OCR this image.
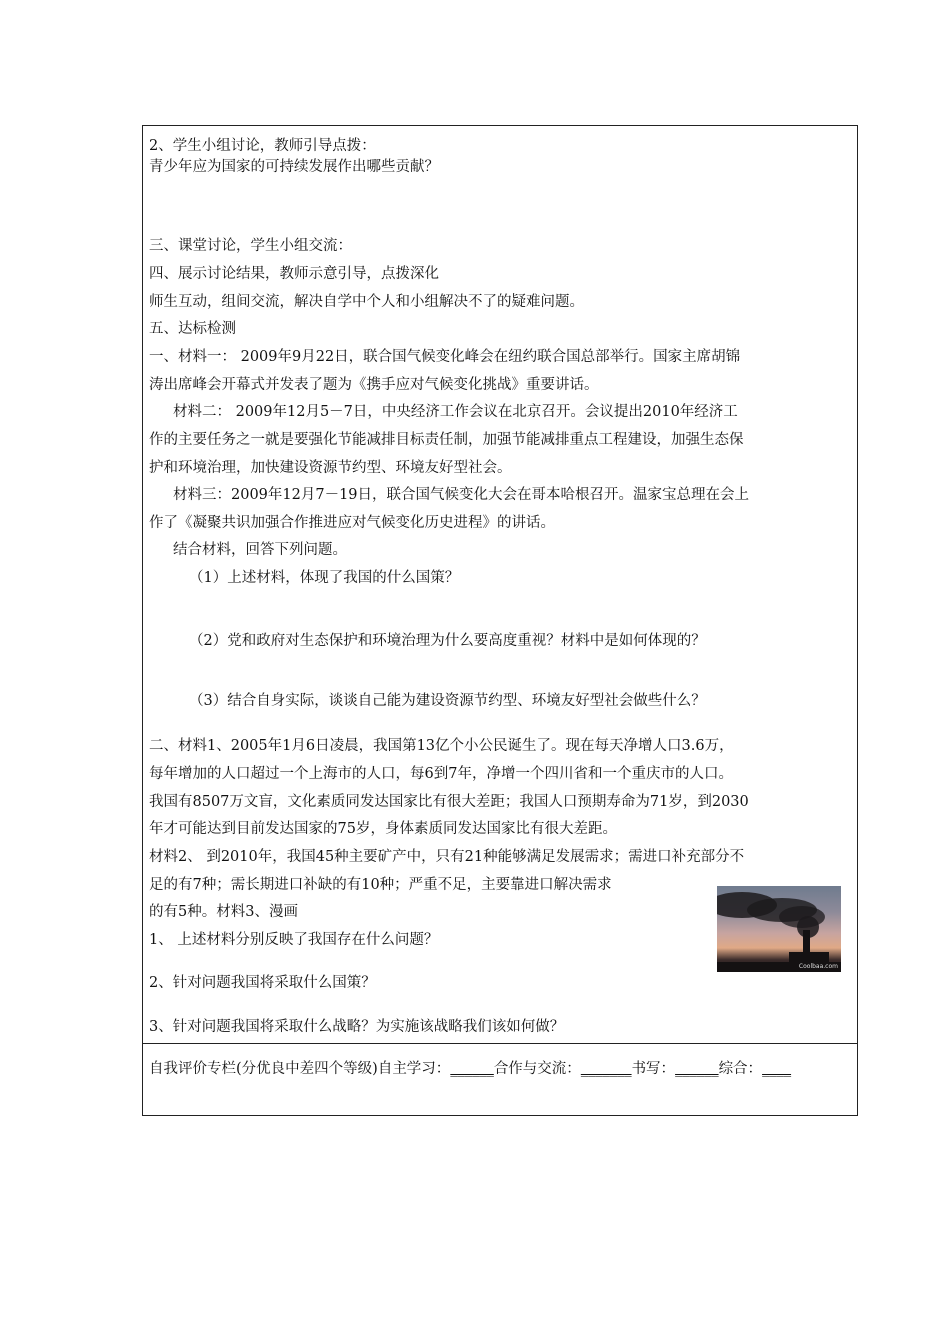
2、学生小组讨论，教师引导点拨：
青少年应为国家的可持续发展作出哪些贡献？
三、课堂讨论，学生小组交流：
四、展示讨论结果，教师示意引导，点拨深化
师生互动，组间交流，解决自学中个人和小组解决不了的疑难问题。
五、达标检测
一、材料一： 2009年9月22日，联合国气候变化峰会在纽约联合国总部举行。国家主席胡锦
涛出席峰会开幕式并发表了题为《携手应对气候变化挑战》重要讲话。
材料二： 2009年12月5－7日，中央经济工作会议在北京召开。会议提出2010年经济工
作的主要任务之一就是要强化节能减排目标责任制，加强节能减排重点工程建设，加强生态保
护和环境治理，加快建设资源节约型、环境友好型社会。
材料三：2009年12月7－19日，联合国气候变化大会在哥本哈根召开。温家宝总理在会上
作了《凝聚共识加强合作推进应对气候变化历史进程》的讲话。
结合材料，回答下列问题。
（1）上述材料，体现了我国的什么国策？
（2）党和政府对生态保护和环境治理为什么要高度重视？材料中是如何体现的？
（3）结合自身实际，谈谈自己能为建设资源节约型、环境友好型社会做些什么？
二、材料1、2005年1月6日凌晨，我国第13亿个小公民诞生了。现在每天净增人口3.6万，
每年增加的人口超过一个上海市的人口，每6到7年，净增一个四川省和一个重庆市的人口。
我国有8507万文盲，文化素质同发达国家比有很大差距；我国人口预期寿命为71岁，到2030
年才可能达到目前发达国家的75岁，身体素质同发达国家比有很大差距。
材料2、 到2010年，我国45种主要矿产中，只有21种能够满足发展需求；需进口补充部分不
足的有7种；需长期进口补缺的有10种；严重不足，主要靠进口解决需求
的有5种。材料3、漫画
1、 上述材料分别反映了我国存在什么问题？
2、针对问题我国将采取什么国策？
3、针对问题我国将采取什么战略？为实施该战略我们该如何做？
Coolbaa.com
自我评价专栏(分优良中差四个等级)自主学习：______合作与交流：_______书写：______综合：____
